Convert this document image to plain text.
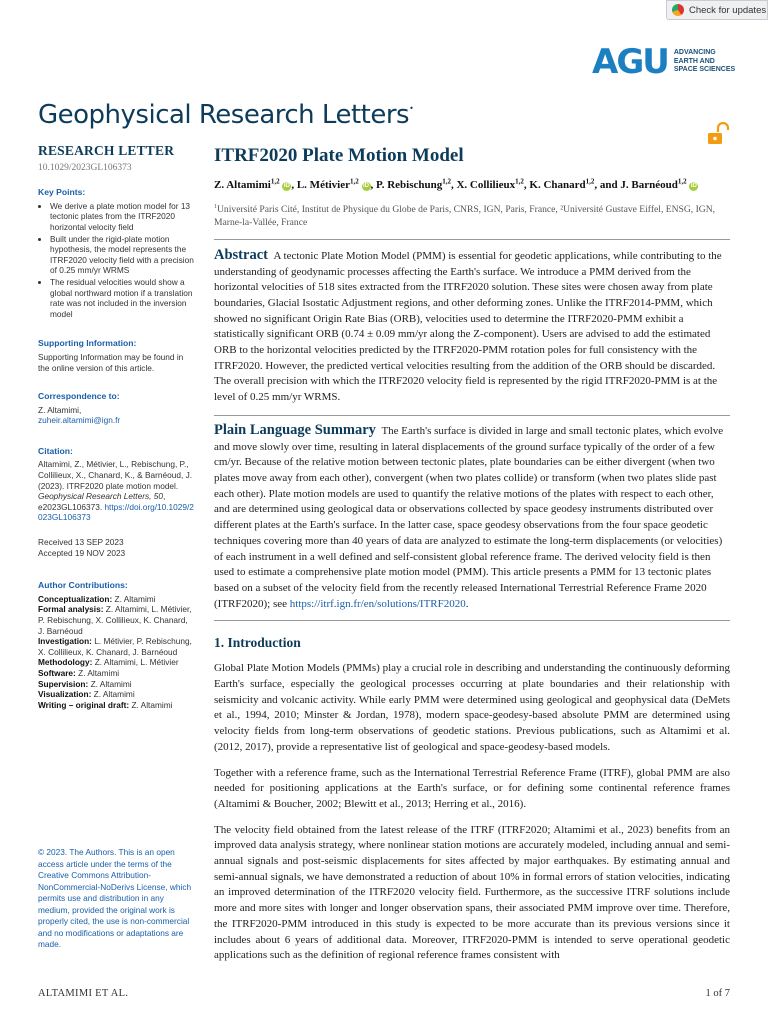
Check for updates
AGU ADVANCING
EARTH AND
SPACE SCIENCES
Geophysical Research Letters•
RESEARCH LETTER
10.1029/2023GL106373
Key Points:
• We derive a plate motion model for 13 tectonic plates from the ITRF2020 horizontal velocity field
• Built under the rigid-plate motion hypothesis, the model represents the ITRF2020 velocity field with a precision of 0.25 mm/yr WRMS
• The residual velocities would show a global northward motion if a translation rate was not included in the inversion model
Supporting Information:

Supporting Information may be found in the online version of this article.

Correspondence to:

Z. Altamimi,

zuheir.altamimi@ign.fr

Citation:

Altamimi, Z., Métivier, L., Rebischung, P., Collilieux, X., Chanard, K., & Barnéoud, J. (2023). ITRF2020 plate motion model. Geophysical Research Letters, 50, e2023GL106373. https://doi.org/10.1029/2023GL106373

Received 13 SEP 2023

Accepted 19 NOV 2023

Author Contributions:

Conceptualization: Z. Altamimi

Formal analysis: Z. Altamimi, L. Métivier, P. Rebischung, X. Collilieux, K. Chanard, J. Barnéoud

Investigation: L. Métivier, P. Rebischung, X. Collilieux, K. Chanard, J. Barnéoud

Methodology: Z. Altamimi, L. Métivier

Software: Z. Altamimi

Supervision: Z. Altamimi

Visualization: Z. Altamimi

Writing – original draft: Z. Altamimi

© 2023. The Authors. This is an open access article under the terms of the Creative Commons Attribution-NonCommercial-NoDerivs License, which permits use and distribution in any medium, provided the original work is properly cited, the use is non-commercial and no modifications or adaptations are made.
ITRF2020 Plate Motion Model
Z. Altamimi$^{1,2}$ iD , L. Métivier$^{1,2}$ iD , P. Rebischung$^{1,2}$, X. Collilieux$^{1,2}$, K. Chanard$^{1,2}$, and J. Barnéoud$^{1,2}$ iD
$^1$Université Paris Cité, Institut de Physique du Globe de Paris, CNRS, IGN, Paris, France, ²Université Gustave Eiffel, ENSG, IGN, Marne-la-Vallée, France

Abstract A tectonic Plate Motion Model (PMM) is essential for geodetic applications, while contributing to the understanding of geodynamic processes affecting the Earth's surface. We introduce a PMM derived from the horizontal velocities of 518 sites extracted from the ITRF2020 solution. These sites were chosen away from plate boundaries, Glacial Isostatic Adjustment regions, and other deforming zones. Unlike the ITRF2014-PMM, which showed no significant Origin Rate Bias (ORB), velocities used to determine the ITRF2020-PMM exhibit a statistically significant ORB (0.74 ± 0.09 mm/yr along the Z-component). Users are advised to add the estimated ORB to the horizontal velocities predicted by the ITRF2020-PMM rotation poles for full consistency with the ITRF2020. However, the predicted vertical velocities resulting from the addition of the ORB should be discarded. The overall precision with which the ITRF2020 velocity field is represented by the rigid ITRF2020-PMM is at the level of 0.25 mm/yr WRMS.

Plain Language Summary The Earth's surface is divided in large and small tectonic plates, which evolve and move slowly over time, resulting in lateral displacements of the ground surface typically of the order of a few cm/yr. Because of the relative motion between tectonic plates, plate boundaries can be either divergent (when two plates move away from each other), convergent (when two plates collide) or transform (when two plates slide past each other). Plate motion models are used to quantify the relative motions of the plates with respect to each other, and are determined using geological data or observations collected by space geodesy instruments distributed over different plates at the Earth's surface. In the latter case, space geodesy observations from the four space geodetic techniques covering more than 40 years of data are analyzed to estimate the long-term displacements (or velocities) of each instrument in a well defined and self-consistent global reference frame. The derived velocity field is then used to estimate a comprehensive plate motion model (PMM). This article presents a PMM for 13 tectonic plates based on a subset of the velocity field from the recently released International Terrestrial Reference Frame 2020 (ITRF2020); see https://itrf.ign.fr/en/solutions/ITRF2020.

1. Introduction

Global Plate Motion Models (PMMs) play a crucial role in describing and understanding the continuously deforming Earth's surface, especially the geological processes occurring at plate boundaries and their relationship with seismicity and volcanic activity. While early PMM were determined using geological and geophysical data (DeMets et al., 1994, 2010; Minster & Jordan, 1978), modern space-geodesy-based absolute PMM are determined using velocity fields from long-term observations of geodetic stations. Previous publications, such as Altamimi et al. (2012, 2017), provide a representative list of geological and space-geodesy-based models.

Together with a reference frame, such as the International Terrestrial Reference Frame (ITRF), global PMM are also needed for positioning applications at the Earth's surface, or for defining some continental reference frames (Altamimi & Boucher, 2002; Blewitt et al., 2013; Herring et al., 2016).

The velocity field obtained from the latest release of the ITRF (ITRF2020; Altamimi et al., 2023) benefits from an improved data analysis strategy, where nonlinear station motions are accurately modeled, including annual and semi-annual signals and post-seismic displacements for sites affected by major earthquakes. By estimating annual and semi-annual signals, we have demonstrated a reduction of about 10% in formal errors of station velocities, indicating an improved determination of the ITRF2020 velocity field. Furthermore, as the successive ITRF solutions include more and more sites with longer and longer observation spans, their associated PMM improve over time. Therefore, the ITRF2020-PMM introduced in this study is expected to be more accurate than its previous versions since it includes about 6 years of additional data. Moreover, ITRF2020-PMM is intended to serve operational geodetic applications such as the definition of regional reference frames consistent with

ALTAMIMI ET AL.	1 of 7
